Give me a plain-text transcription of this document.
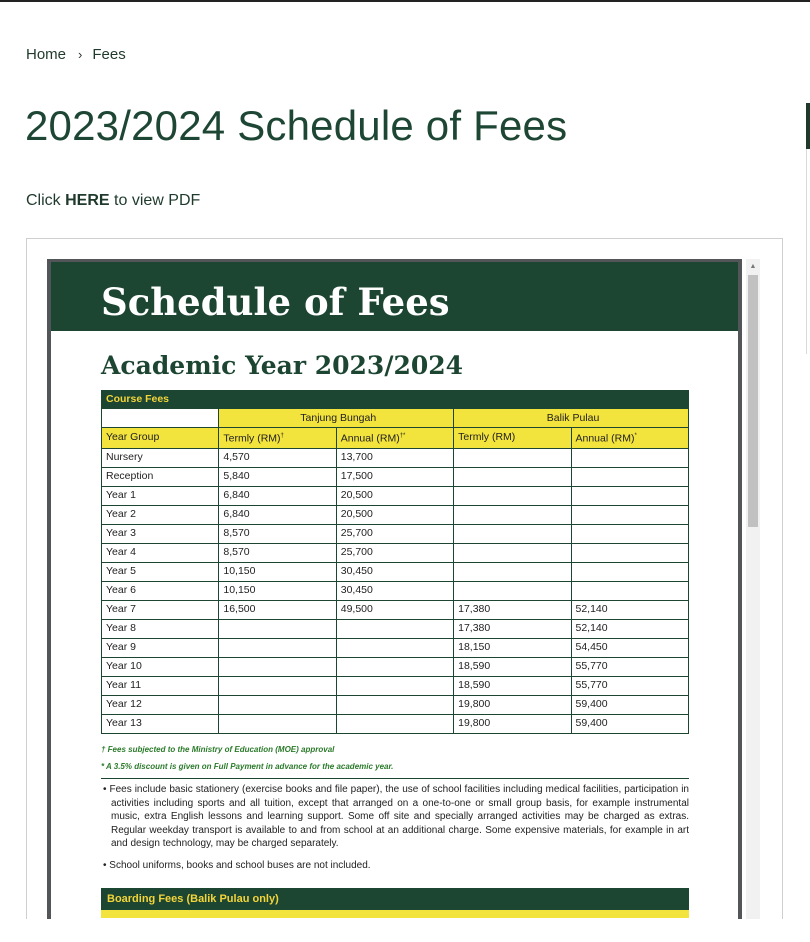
Home › Fees
2023/2024 Schedule of Fees
Click HERE to view PDF
Schedule of Fees
Academic Year 2023/2024
Course Fees				
	Tanjung Bungah		Balik Pulau	
Year Group	Termly (RM)†	Annual (RM)†*	Termly (RM)	Annual (RM)*
Nursery	4,570	13,700		
Reception	5,840	17,500		
Year 1	6,840	20,500		
Year 2	6,840	20,500		
Year 3	8,570	25,700		
Year 4	8,570	25,700		
Year 5	10,150	30,450		
Year 6	10,150	30,450		
Year 7	16,500	49,500	17,380	52,140
Year 8			17,380	52,140
Year 9			18,150	54,450
Year 10			18,590	55,770
Year 11			18,590	55,770
Year 12			19,800	59,400
Year 13			19,800	59,400
† Fees subjected to the Ministry of Education (MOE) approval
* A 3.5% discount is given on Full Payment in advance for the academic year.

• Fees include basic stationery (exercise books and file paper), the use of school facilities including medical facilities, participation in activities including sports and all tuition, except that arranged on a one-to-one or small group basis, for example instrumental music, extra English lessons and learning support. Some off site and specially arranged activities may be charged as extras. Regular weekday transport is available to and from school at an additional charge. Some expensive materials, for example in art and design technology, may be charged separately.

• School uniforms, books and school buses are not included.

Boarding Fees (Balik Pulau only)
▲
